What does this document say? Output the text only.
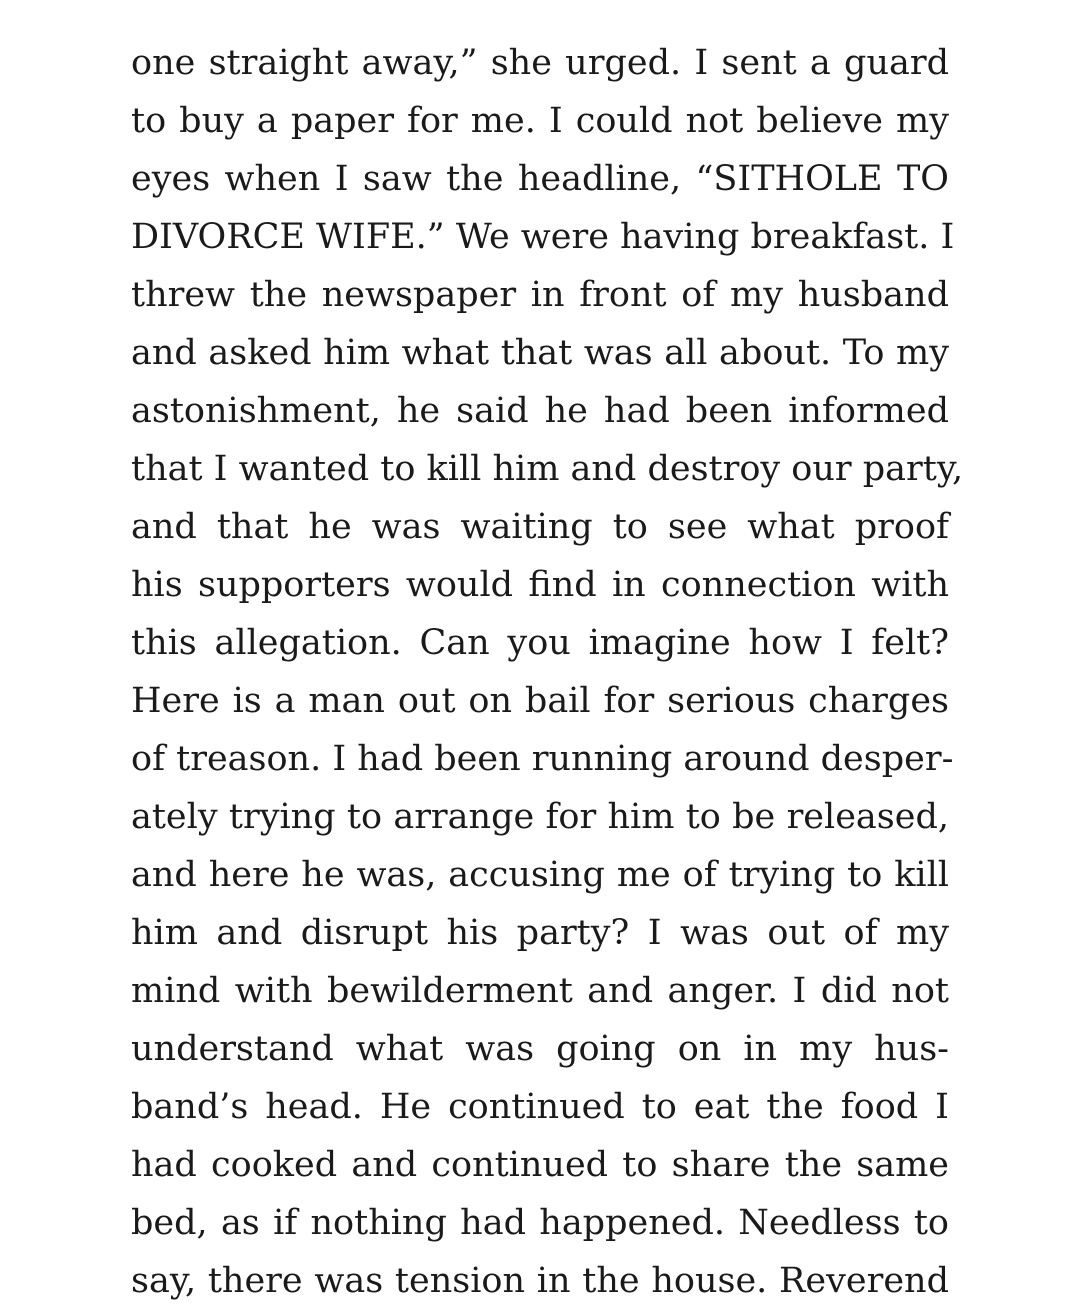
one straight away,” she urged. I sent a guard
to buy a paper for me. I could not believe my
eyes when I saw the headline, “SITHOLE TO
DIVORCE WIFE.” We were having breakfast. I
threw the newspaper in front of my husband
and asked him what that was all about. To my
astonishment, he said he had been informed
that I wanted to kill him and destroy our party,
and that he was waiting to see what proof
his supporters would find in connection with
this allegation. Can you imagine how I felt?
Here is a man out on bail for serious charges
of treason. I had been running around desper-
ately trying to arrange for him to be released,
and here he was, accusing me of trying to kill
him and disrupt his party? I was out of my
mind with bewilderment and anger. I did not
understand what was going on in my hus-
band’s head. He continued to eat the food I
had cooked and continued to share the same
bed, as if nothing had happened. Needless to
say, there was tension in the house. Reverend
